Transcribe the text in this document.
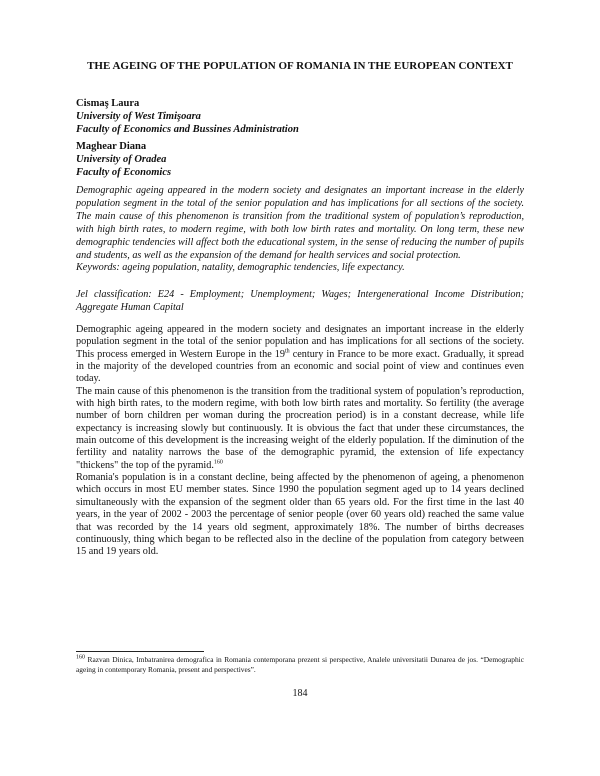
THE AGEING OF THE POPULATION OF ROMANIA IN THE EUROPEAN CONTEXT
Cismaş Laura
University of West Timişoara
Faculty of Economics and Bussines Administration
Maghear Diana
University of Oradea
Faculty of Economics

Demographic ageing appeared in the modern society and designates an important increase in the elderly population segment in the total of the senior population and has implications for all sections of the society. The main cause of this phenomenon is transition from the traditional system of population’s reproduction, with high birth rates, to modern regime, with both low birth rates and mortality. On long term, these new demographic tendencies will affect both the educational system, in the sense of reducing the number of pupils and students, as well as the expansion of the demand for health services and social protection.

Keywords: ageing population, natality, demographic tendencies, life expectancy.

Jel classification: E24 - Employment; Unemployment; Wages; Intergenerational Income Distribution; Aggregate Human Capital

Demographic ageing appeared in the modern society and designates an important increase in the elderly population segment in the total of the senior population and has implications for all sections of the society. This process emerged in Western Europe in the 19th century in France to be more exact. Gradually, it spread in the majority of the developed countries from an economic and social point of view and continues even today.

The main cause of this phenomenon is the transition from the traditional system of population’s reproduction, with high birth rates, to the modern regime, with both low birth rates and mortality. So fertility (the average number of born children per woman during the procreation period) is in a constant decrease, while life expectancy is increasing slowly but continuously. It is obvious the fact that under these circumstances, the main outcome of this development is the increasing weight of the elderly population. If the diminution of the fertility and natality narrows the base of the demographic pyramid, the extension of life expectancy "thickens" the top of the pyramid.$^{160}$

Romania's population is in a constant decline, being affected by the phenomenon of ageing, a phenomenon which occurs in most EU member states. Since 1990 the population segment aged up to 14 years declined simultaneously with the expansion of the segment older than 65 years old. For the first time in the last 40 years, in the year of 2002 - 2003 the percentage of senior people (over 60 years old) reached the same value that was recorded by the 14 years old segment, approximately 18%. The number of births decreases continuously, thing which began to be reflected also in the decline of the population from category between 15 and 19 years old.

$^{160}$ Razvan Dinica, Imbatranirea demografica in Romania contemporana prezent si perspective, Analele universitatii Dunarea de jos. “Demographic ageing in contemporary Romania, present and perspectives”.

184
